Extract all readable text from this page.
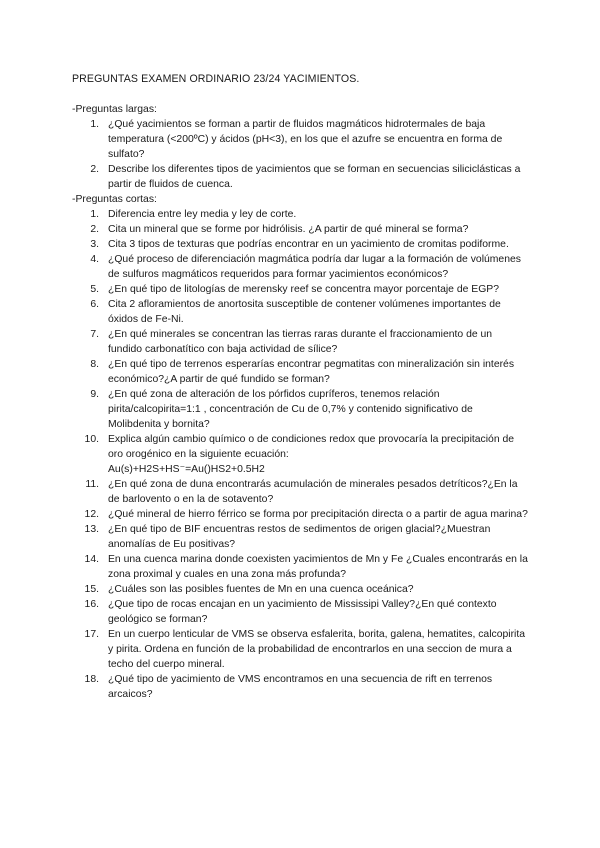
PREGUNTAS EXAMEN ORDINARIO 23/24 YACIMIENTOS.

-Preguntas largas:

1. ¿Qué yacimientos se forman a partir de fluidos magmáticos hidrotermales de baja temperatura (<200ºC) y ácidos (pH<3), en los que el azufre se encuentra en forma de sulfato?
2. Describe los diferentes tipos de yacimientos que se forman en secuencias siliciclásticas a partir de fluidos de cuenca.

-Preguntas cortas:

1. Diferencia entre ley media y ley de corte.
2. Cita un mineral que se forme por hidrólisis. ¿A partir de qué mineral se forma?
3. Cita 3 tipos de texturas que podrías encontrar en un yacimiento de cromitas podiforme.
4. ¿Qué proceso de diferenciación magmática podría dar lugar a la formación de volúmenes de sulfuros magmáticos requeridos para formar yacimientos económicos?
5. ¿En qué tipo de litologías de merensky reef se concentra mayor porcentaje de EGP?
6. Cita 2 afloramientos de anortosita susceptible de contener volúmenes importantes de óxidos de Fe-Ni.
7. ¿En qué minerales se concentran las tierras raras durante el fraccionamiento de un fundido carbonatítico con baja actividad de sílice?
8. ¿En qué tipo de terrenos esperarías encontrar pegmatitas con mineralización sin interés económico?¿A partir de qué fundido se forman?
9. ¿En qué zona de alteración de los pórfidos cupríferos, tenemos relación pirita/calcopirita=1:1 , concentración de Cu de 0,7% y contenido significativo de Molibdenita y bornita?
10. Explica algún cambio químico o de condiciones redox que provocaría la precipitación de oro orogénico en la siguiente ecuación:
Au(s)+H2S+HS⁻=Au()HS2+0.5H2
11. ¿En qué zona de duna encontrarás acumulación de minerales pesados detríticos?¿En la de barlovento o en la de sotavento?
12. ¿Qué mineral de hierro férrico se forma por precipitación directa o a partir de agua marina?
13. ¿En qué tipo de BIF encuentras restos de sedimentos de origen glacial?¿Muestran anomalías de Eu positivas?
14. En una cuenca marina donde coexisten yacimientos de Mn y Fe ¿Cuales encontrarás en la zona proximal y cuales en una zona más profunda?
15. ¿Cuáles son las posibles fuentes de Mn en una cuenca oceánica?
16. ¿Que tipo de rocas encajan en un yacimiento de Mississipi Valley?¿En qué contexto geológico se forman?
17. En un cuerpo lenticular de VMS se observa esfalerita, borita, galena, hematites, calcopirita y pirita. Ordena en función de la probabilidad de encontrarlos en una seccion de mura a techo del cuerpo mineral.
18. ¿Qué tipo de yacimiento de VMS encontramos en una secuencia de rift en terrenos arcaicos?
